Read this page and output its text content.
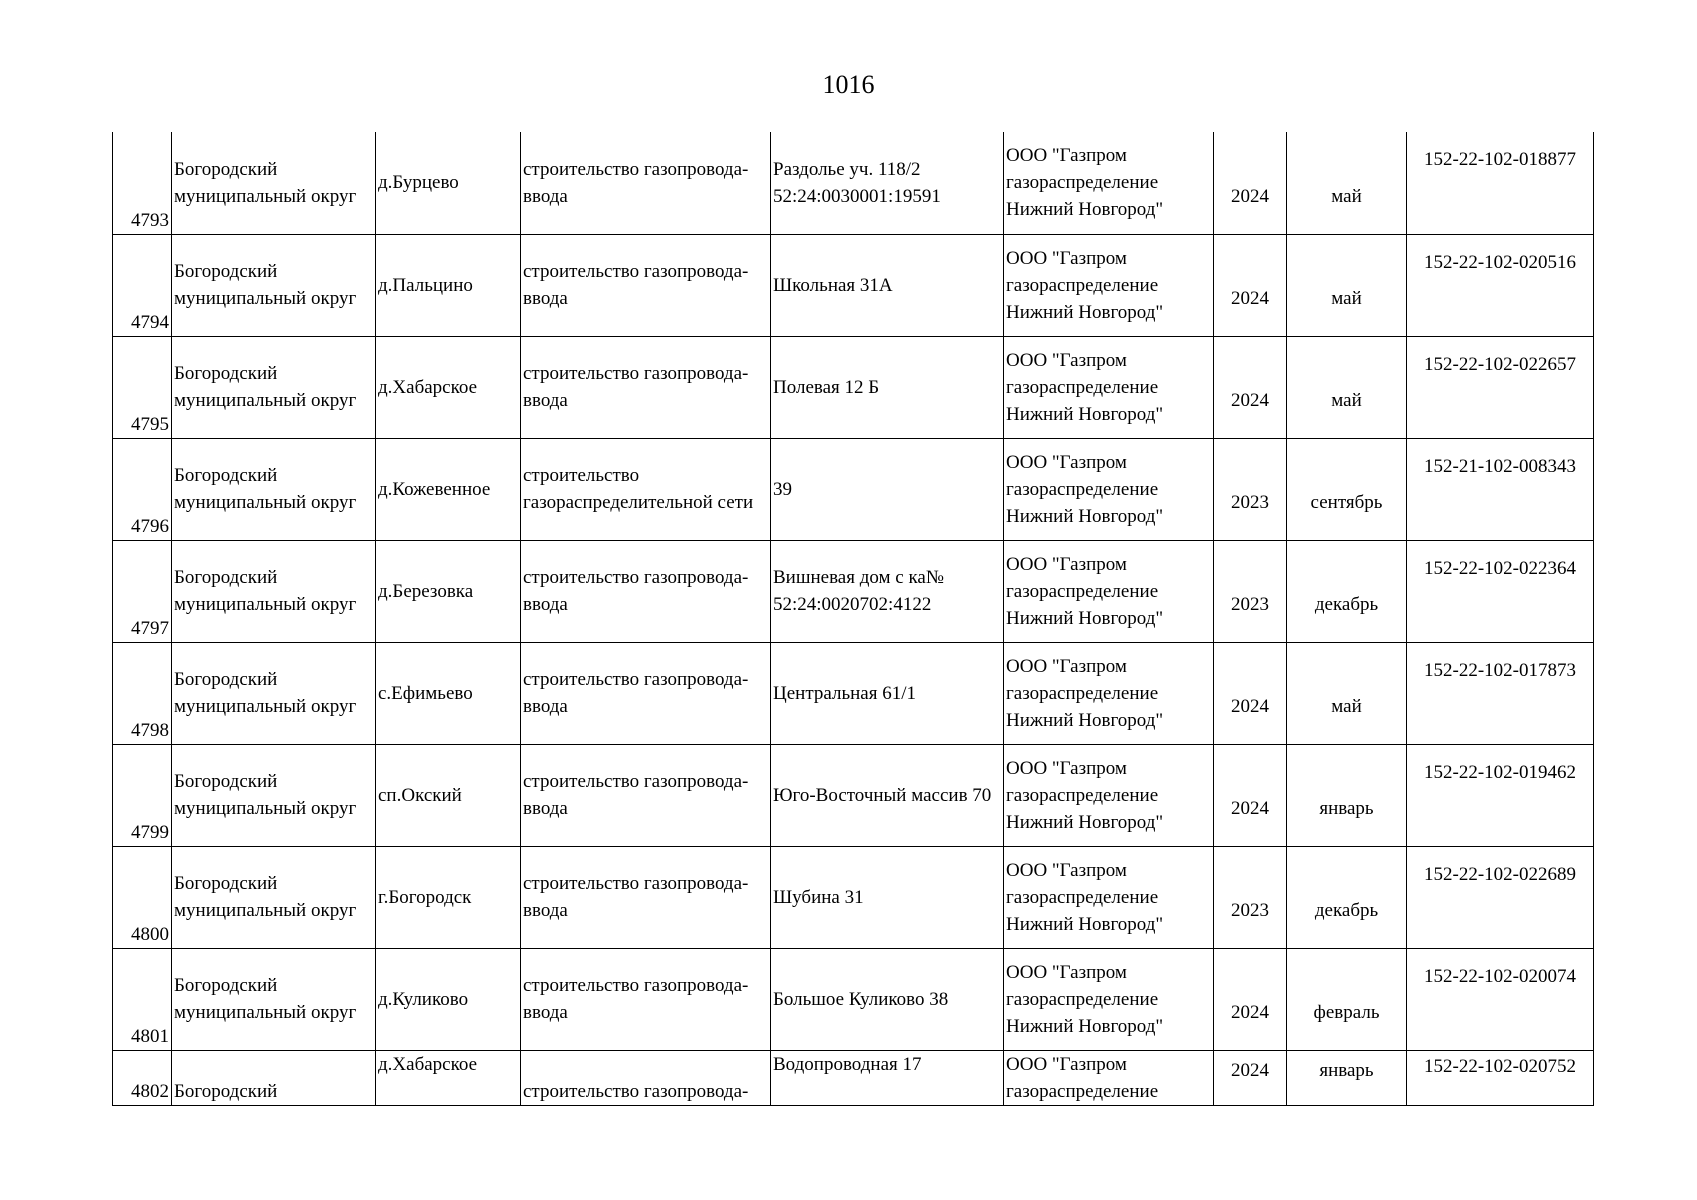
1016
4793	Богородский муниципальный округ	д.Бурцево	строительство газопровода-ввода	Раздолье уч. 118/2 52:24:0030001:19591	ООО "Газпром газораспределение Нижний Новгород"	2024	май	152-22-102-018877
4794	Богородский муниципальный округ	д.Пальцино	строительство газопровода-ввода	Школьная 31А	ООО "Газпром газораспределение Нижний Новгород"	2024	май	152-22-102-020516
4795	Богородский муниципальный округ	д.Хабарское	строительство газопровода-ввода	Полевая 12 Б	ООО "Газпром газораспределение Нижний Новгород"	2024	май	152-22-102-022657
4796	Богородский муниципальный округ	д.Кожевенное	строительство газораспределительной сети	39	ООО "Газпром газораспределение Нижний Новгород"	2023	сентябрь	152-21-102-008343
4797	Богородский муниципальный округ	д.Березовка	строительство газопровода-ввода	Вишневая дом с ка№ 52:24:0020702:4122	ООО "Газпром газораспределение Нижний Новгород"	2023	декабрь	152-22-102-022364
4798	Богородский муниципальный округ	с.Ефимьево	строительство газопровода-ввода	Центральная 61/1	ООО "Газпром газораспределение Нижний Новгород"	2024	май	152-22-102-017873
4799	Богородский муниципальный округ	сп.Окский	строительство газопровода-ввода	Юго-Восточный массив 70	ООО "Газпром газораспределение Нижний Новгород"	2024	январь	152-22-102-019462
4800	Богородский муниципальный округ	г.Богородск	строительство газопровода-ввода	Шубина 31	ООО "Газпром газораспределение Нижний Новгород"	2023	декабрь	152-22-102-022689
4801	Богородский муниципальный округ	д.Куликово	строительство газопровода-ввода	Большое Куликово 38	ООО "Газпром газораспределение Нижний Новгород"	2024	февраль	152-22-102-020074
4802	Богородский	д.Хабарское	строительство газопровода-	Водопроводная 17	ООО "Газпром газораспределение	2024	январь	152-22-102-020752
